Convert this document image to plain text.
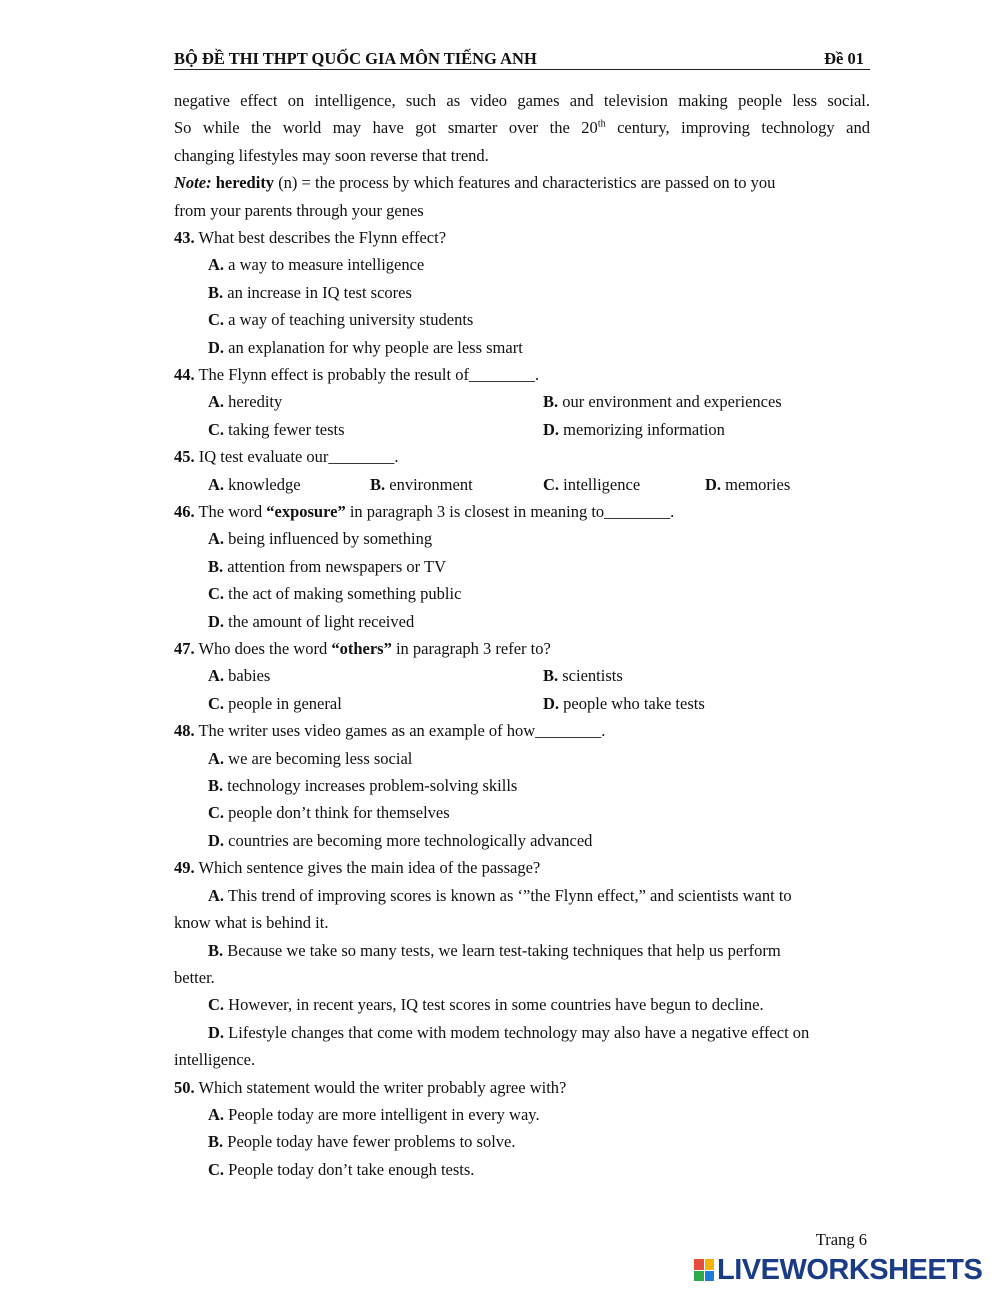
BỘ ĐỀ THI THPT QUỐC GIA MÔN TIẾNG ANH	Đề 01
negative effect on intelligence, such as video games and television making people less social.
So while the world may have got smarter over the 20th century, improving technology and
changing lifestyles may soon reverse that trend.
Note: heredity (n) = the process by which features and characteristics are passed on to you
from your parents through your genes
43. What best describes the Flynn effect?
A. a way to measure intelligence
B. an increase in IQ test scores
C. a way of teaching university students
D. an explanation for why people are less smart
44. The Flynn effect is probably the result of________.
A. heredity	B. our environment and experiences
C. taking fewer tests	D. memorizing information
45. IQ test evaluate our________.
A. knowledge	B. environment	C. intelligence	D. memories
46. The word “exposure” in paragraph 3 is closest in meaning to________.
A. being influenced by something
B. attention from newspapers or TV
C. the act of making something public
D. the amount of light received
47. Who does the word “others” in paragraph 3 refer to?
A. babies	B. scientists
C. people in general	D. people who take tests
48. The writer uses video games as an example of how________.
A. we are becoming less social
B. technology increases problem-solving skills
C. people don’t think for themselves
D. countries are becoming more technologically advanced
49. Which sentence gives the main idea of the passage?
A. This trend of improving scores is known as ‘”the Flynn effect,” and scientists want to
know what is behind it.
B. Because we take so many tests, we learn test-taking techniques that help us perform
better.
C. However, in recent years, IQ test scores in some countries have begun to decline.
D. Lifestyle changes that come with modem technology may also have a negative effect on
intelligence.
50. Which statement would the writer probably agree with?
A. People today are more intelligent in every way.
B. People today have fewer problems to solve.
C. People today don’t take enough tests.
Trang 6
LIVEWORKSHEETS
